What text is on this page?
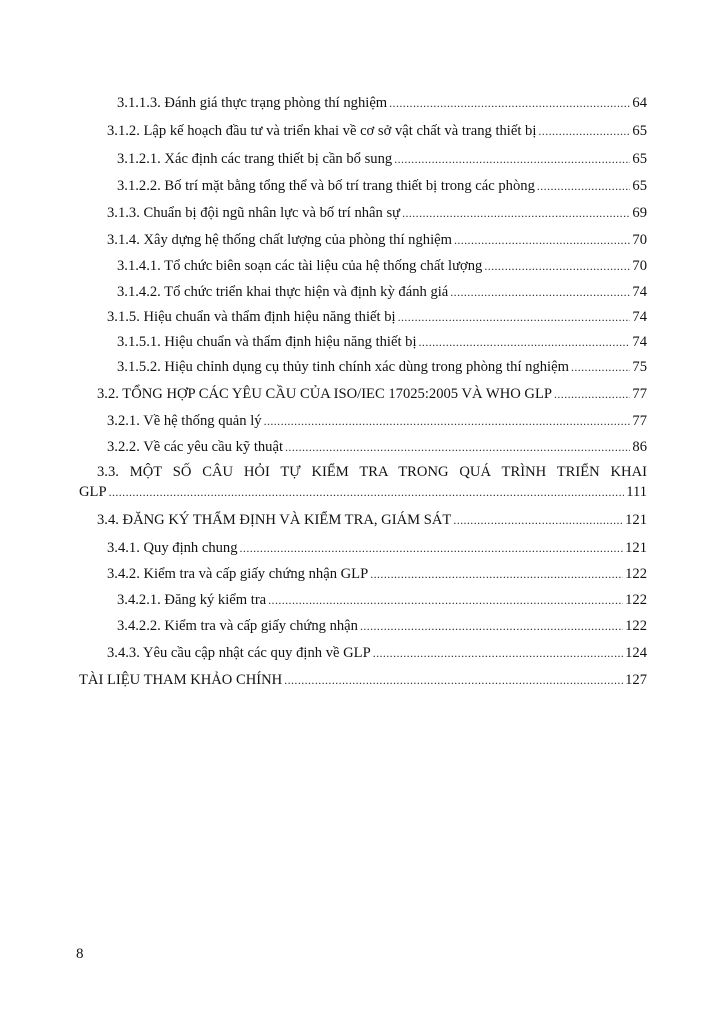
3.1.1.3. Đánh giá thực trạng phòng thí nghiệm .....	64
3.1.2. Lập kế hoạch đầu tư và triển khai về cơ sở vật chất và trang thiết bị .....	65
3.1.2.1. Xác định các trang thiết bị cần bổ sung .....	65
3.1.2.2. Bố trí mặt bằng tổng thể và bố trí trang thiết bị trong các phòng .....	65
3.1.3. Chuẩn bị đội ngũ nhân lực và bố trí nhân sự .....	69
3.1.4. Xây dựng hệ thống chất lượng của phòng thí nghiệm .....	70
3.1.4.1. Tổ chức biên soạn các tài liệu của hệ thống chất lượng .....	70
3.1.4.2. Tổ chức triển khai thực hiện và định kỳ đánh giá .....	74
3.1.5. Hiệu chuẩn và thẩm định hiệu năng thiết bị .....	74
3.1.5.1. Hiệu chuẩn và thẩm định hiệu năng thiết bị .....	74
3.1.5.2. Hiệu chỉnh dụng cụ thủy tinh chính xác dùng trong phòng thí nghiệm .....	75
3.2. TỔNG HỢP CÁC YÊU CẦU CỦA ISO/IEC 17025:2005 VÀ WHO GLP .....	77
3.2.1. Về hệ thống quản lý .....	77
3.2.2. Về các yêu cầu kỹ thuật .....	86
3.3. MỘT SỐ CÂU HỎI TỰ KIỂM TRA TRONG QUÁ TRÌNH TRIỂN KHAI
GLP .....	111
3.4. ĐĂNG KÝ THẨM ĐỊNH VÀ KIỂM TRA, GIÁM SÁT .....	121
3.4.1. Quy định chung .....	121
3.4.2. Kiểm tra và cấp giấy chứng nhận GLP .....	122
3.4.2.1. Đăng ký kiểm tra .....	122
3.4.2.2. Kiểm tra và cấp giấy chứng nhận .....	122
3.4.3. Yêu cầu cập nhật các quy định về GLP .....	124
TÀI LIỆU THAM KHẢO CHÍNH .....	127
8
